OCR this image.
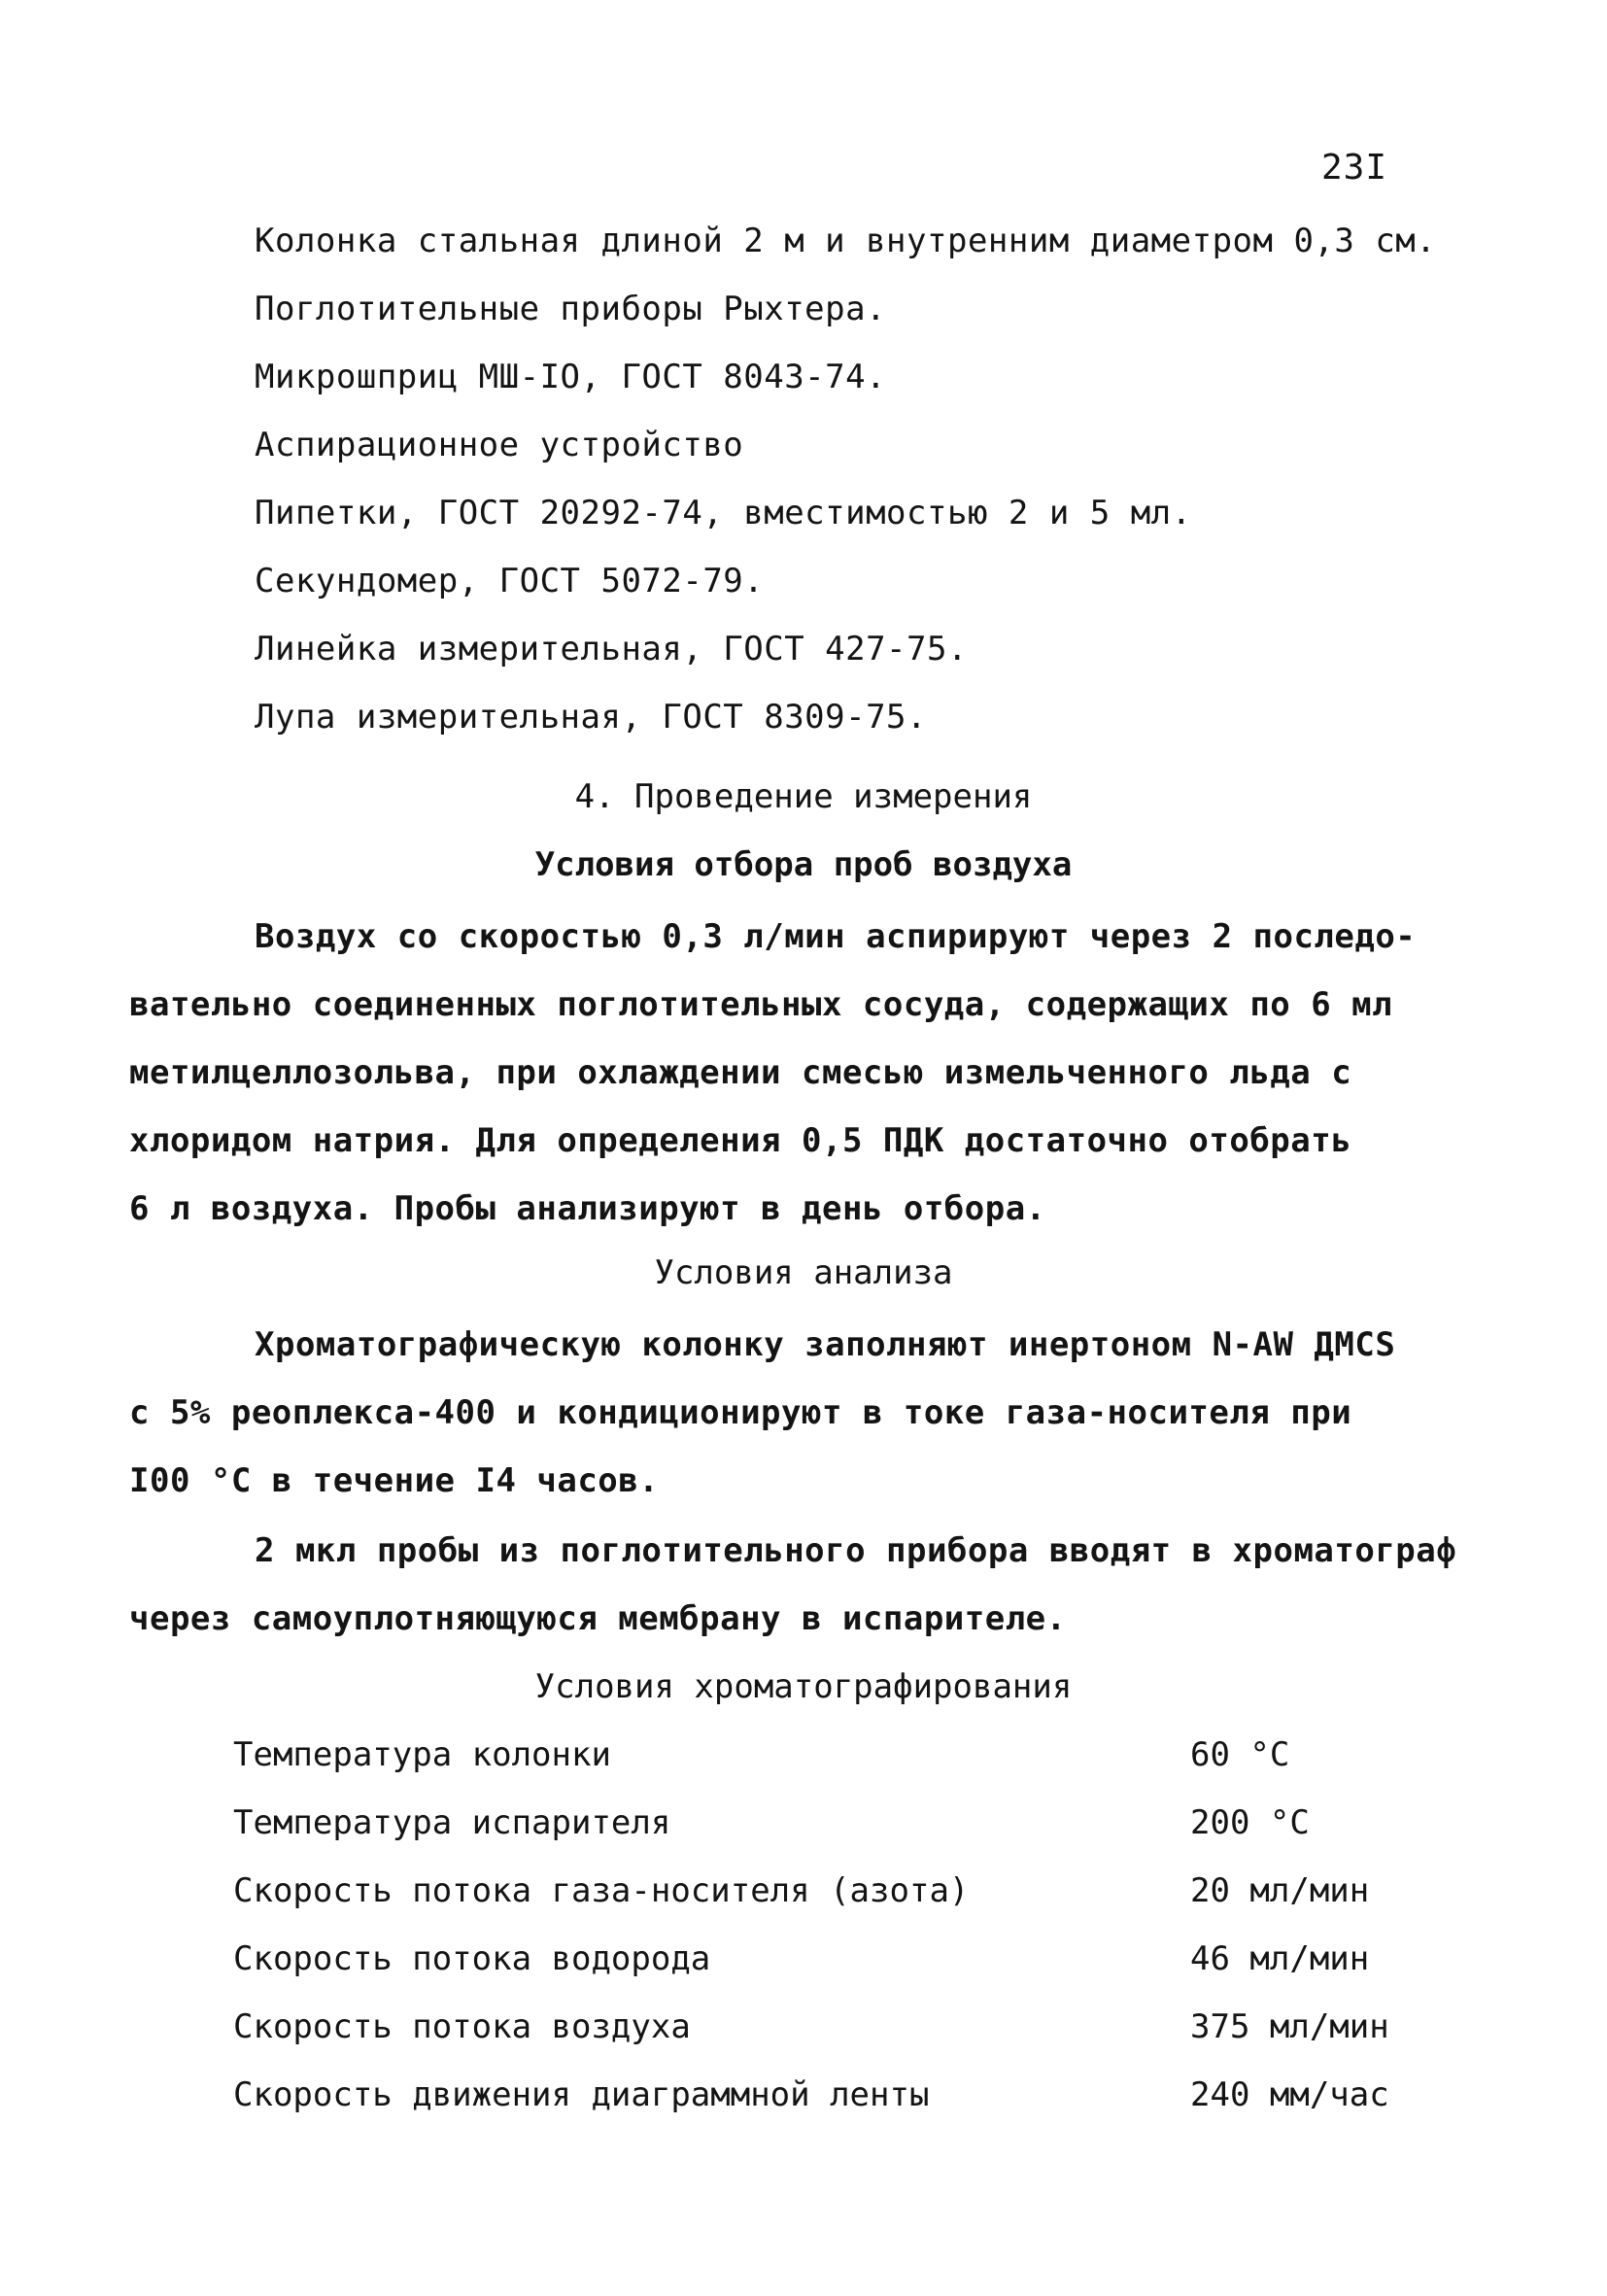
23I
Колонка стальная длиной 2 м и внутренним диаметром 0,3 см.
Поглотительные приборы Рыхтера.
Микрошприц МШ-IO, ГОСТ 8043-74.
Аспирационное устройство
Пипетки, ГОСТ 20292-74, вместимостью 2 и 5 мл.
Секундомер, ГОСТ 5072-79.
Линейка измерительная, ГОСТ 427-75.
Лупа измерительная, ГОСТ 8309-75.
4. Проведение измерения
Условия отбора проб воздуха
Воздух со скоростью 0,3 л/мин аспирируют через 2 последо-
вательно соединенных поглотительных сосуда, содержащих по 6 мл
метилцеллозольва, при охлаждении смесью измельченного льда с
хлоридом натрия. Для определения 0,5 ПДК достаточно отобрать
6 л воздуха. Пробы анализируют в день отбора.
Условия анализа
Хроматографическую колонку заполняют инертоном N-AW ДМСS
с 5% реоплекса-400 и кондиционируют в токе газа-носителя при
I00 °С в течение I4 часов.
2 мкл пробы из поглотительного прибора вводят в хроматограф
через самоуплотняющуюся мембрану в испарителе.
Условия хроматографирования
Температура колонки	60 °С
Температура испарителя	200 °С
Скорость потока газа-носителя (азота)	20 мл/мин
Скорость потока водорода	46 мл/мин
Скорость потока воздуха	375 мл/мин
Скорость движения диаграммной ленты	240 мм/час
